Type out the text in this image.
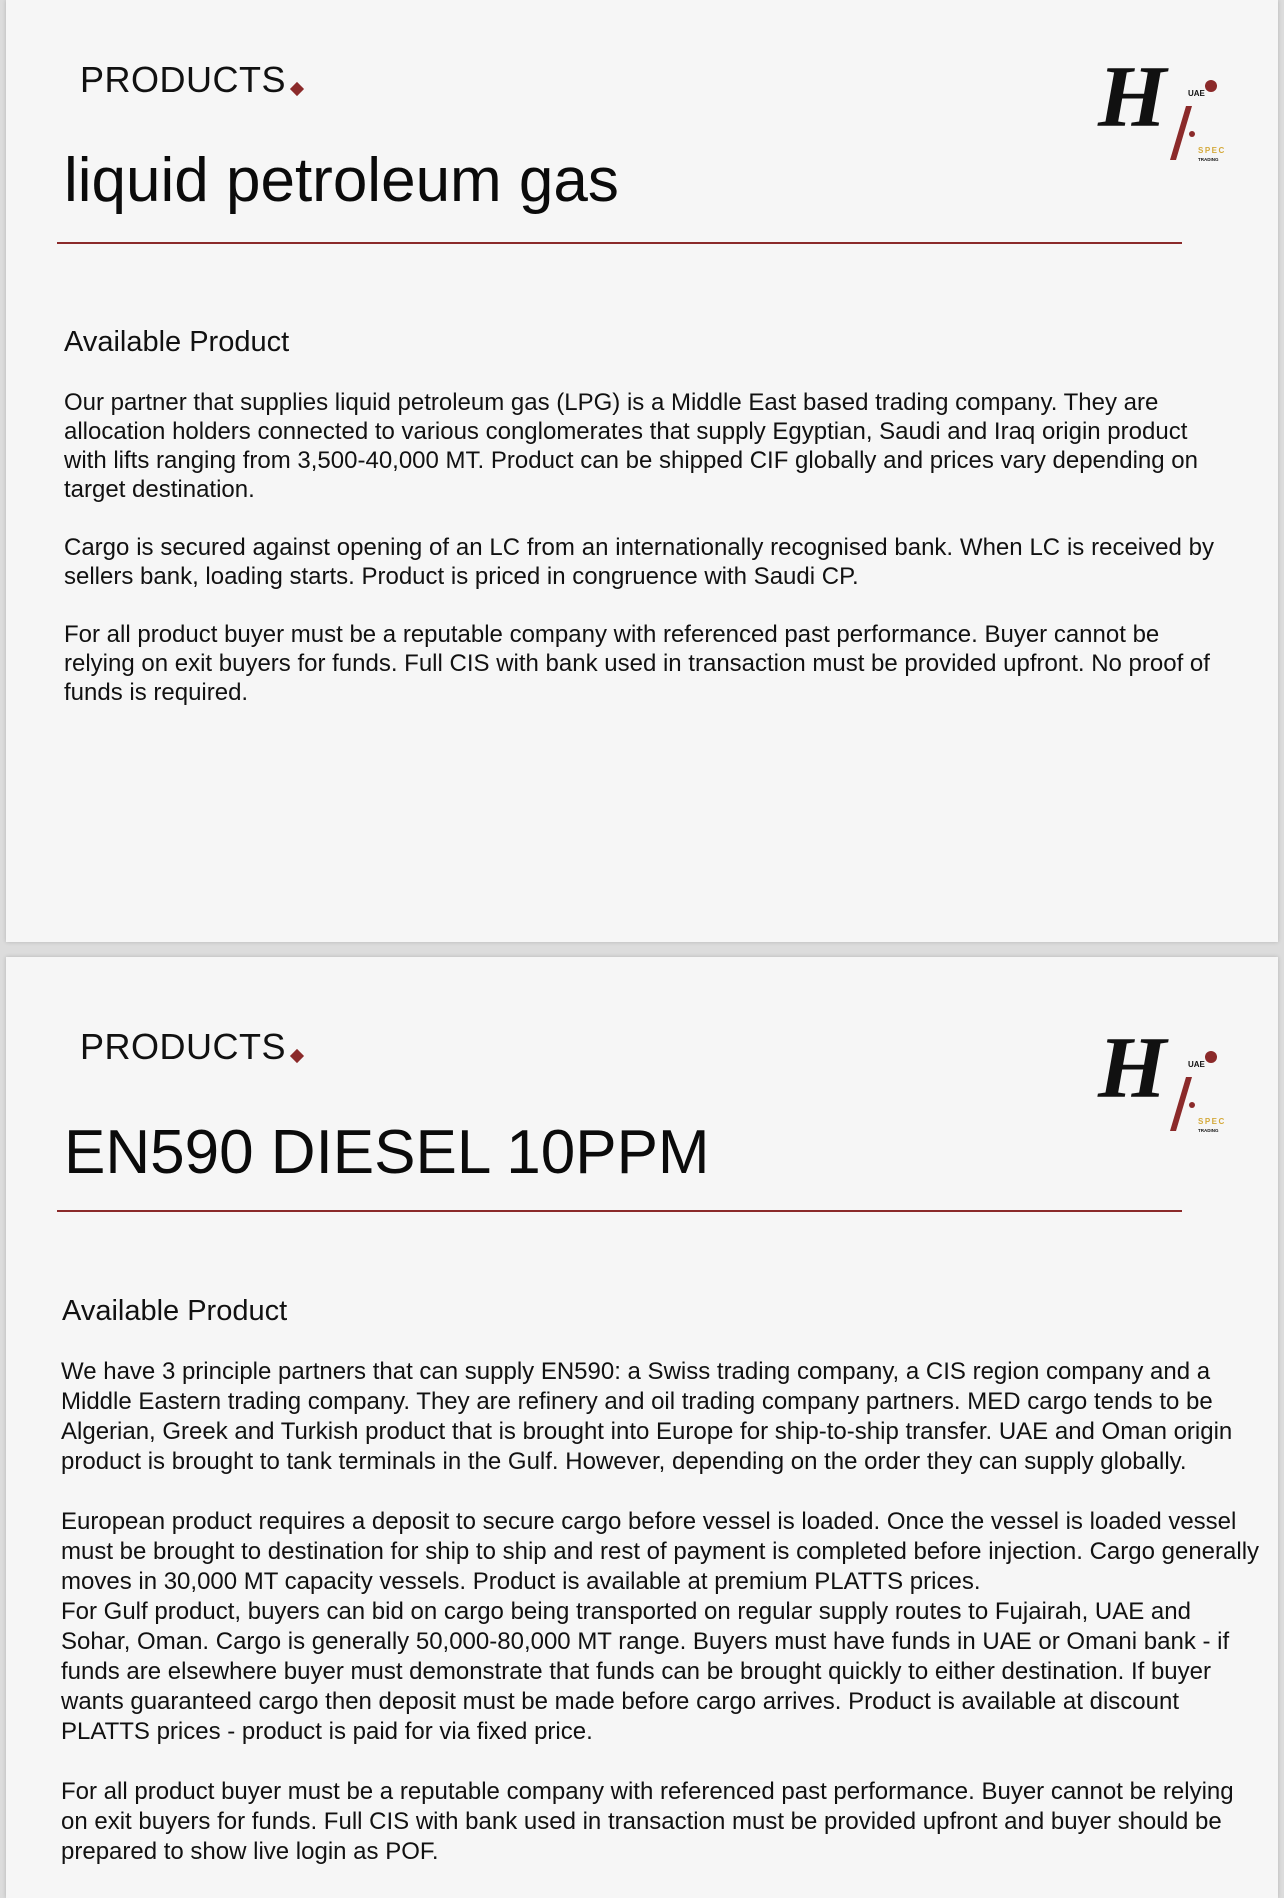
PRODUCTS	H	UAE
SPEC
TRADING
liquid petroleum gas
Available Product

Our partner that supplies liquid petroleum gas (LPG) is a Middle East based trading company. They are allocation holders connected to various conglomerates that supply Egyptian, Saudi and Iraq origin product with lifts ranging from 3,500-40,000 MT. Product can be shipped CIF globally and prices vary depending on target destination.

Cargo is secured against opening of an LC from an internationally recognised bank. When LC is received by sellers bank, loading starts. Product is priced in congruence with Saudi CP.

For all product buyer must be a reputable company with referenced past performance. Buyer cannot be relying on exit buyers for funds. Full CIS with bank used in transaction must be provided upfront. No proof of funds is required.

PRODUCTS	H	UAE
SPEC
TRADING
EN590 DIESEL 10PPM
Available Product

We have 3 principle partners that can supply EN590: a Swiss trading company, a CIS region company and a Middle Eastern trading company. They are refinery and oil trading company partners. MED cargo tends to be Algerian, Greek and Turkish product that is brought into Europe for ship-to-ship transfer. UAE and Oman origin product is brought to tank terminals in the Gulf. However, depending on the order they can supply globally.

European product requires a deposit to secure cargo before vessel is loaded. Once the vessel is loaded vessel must be brought to destination for ship to ship and rest of payment is completed before injection. Cargo generally moves in 30,000 MT capacity vessels. Product is available at premium PLATTS prices.

For Gulf product, buyers can bid on cargo being transported on regular supply routes to Fujairah, UAE and Sohar, Oman. Cargo is generally 50,000-80,000 MT range. Buyers must have funds in UAE or Omani bank - if funds are elsewhere buyer must demonstrate that funds can be brought quickly to either destination. If buyer wants guaranteed cargo then deposit must be made before cargo arrives. Product is available at discount PLATTS prices - product is paid for via fixed price.

For all product buyer must be a reputable company with referenced past performance. Buyer cannot be relying on exit buyers for funds. Full CIS with bank used in transaction must be provided upfront and buyer should be prepared to show live login as POF.
